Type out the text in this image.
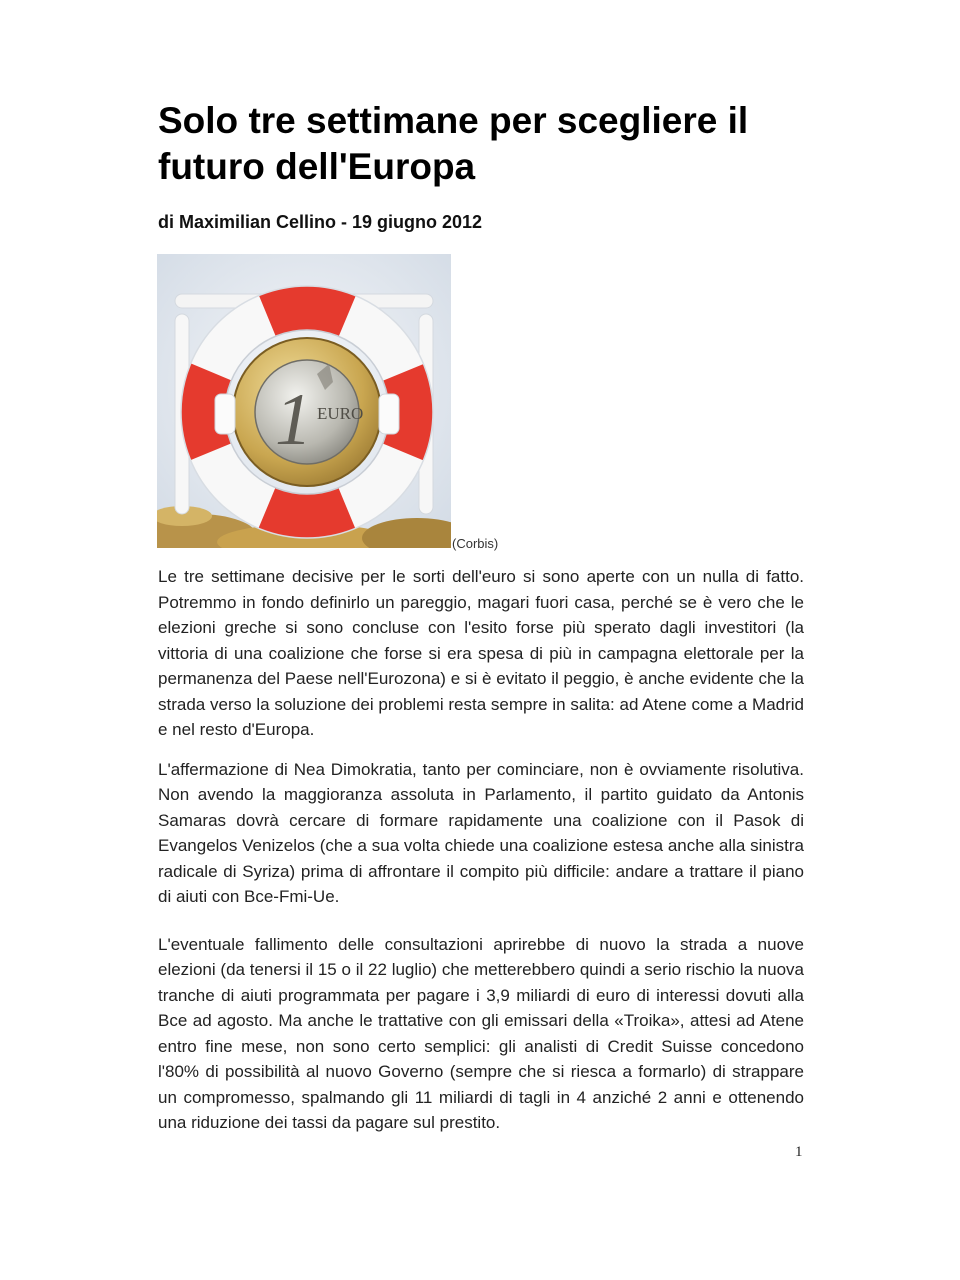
Solo tre settimane per scegliere il futuro dell'Europa

di Maximilian Cellino - 19 giugno 2012

1 EURO
(Corbis)

Le tre settimane decisive per le sorti dell'euro si sono aperte con un nulla di fatto. Potremmo in fondo definirlo un pareggio, magari fuori casa, perché se è vero che le elezioni greche si sono concluse con l'esito forse più sperato dagli investitori (la vittoria di una coalizione che forse si era spesa di più in campagna elettorale per la permanenza del Paese nell'Eurozona) e si è evitato il peggio, è anche evidente che la strada verso la soluzione dei problemi resta sempre in salita: ad Atene come a Madrid e nel resto d'Europa.

L'affermazione di Nea Dimokratia, tanto per cominciare, non è ovviamente risolutiva. Non avendo la maggioranza assoluta in Parlamento, il partito guidato da Antonis Samaras dovrà cercare di formare rapidamente una coalizione con il Pasok di Evangelos Venizelos (che a sua volta chiede una coalizione estesa anche alla sinistra radicale di Syriza) prima di affrontare il compito più difficile: andare a trattare il piano di aiuti con Bce-Fmi-Ue.

L'eventuale fallimento delle consultazioni aprirebbe di nuovo la strada a nuove elezioni (da tenersi il 15 o il 22 luglio) che metterebbero quindi a serio rischio la nuova tranche di aiuti programmata per pagare i 3,9 miliardi di euro di interessi dovuti alla Bce ad agosto. Ma anche le trattative con gli emissari della «Troika», attesi ad Atene entro fine mese, non sono certo semplici: gli analisti di Credit Suisse concedono l'80% di possibilità al nuovo Governo (sempre che si riesca a formarlo) di strappare un compromesso, spalmando gli 11 miliardi di tagli in 4 anziché 2 anni e ottenendo una riduzione dei tassi da pagare sul prestito.

1
